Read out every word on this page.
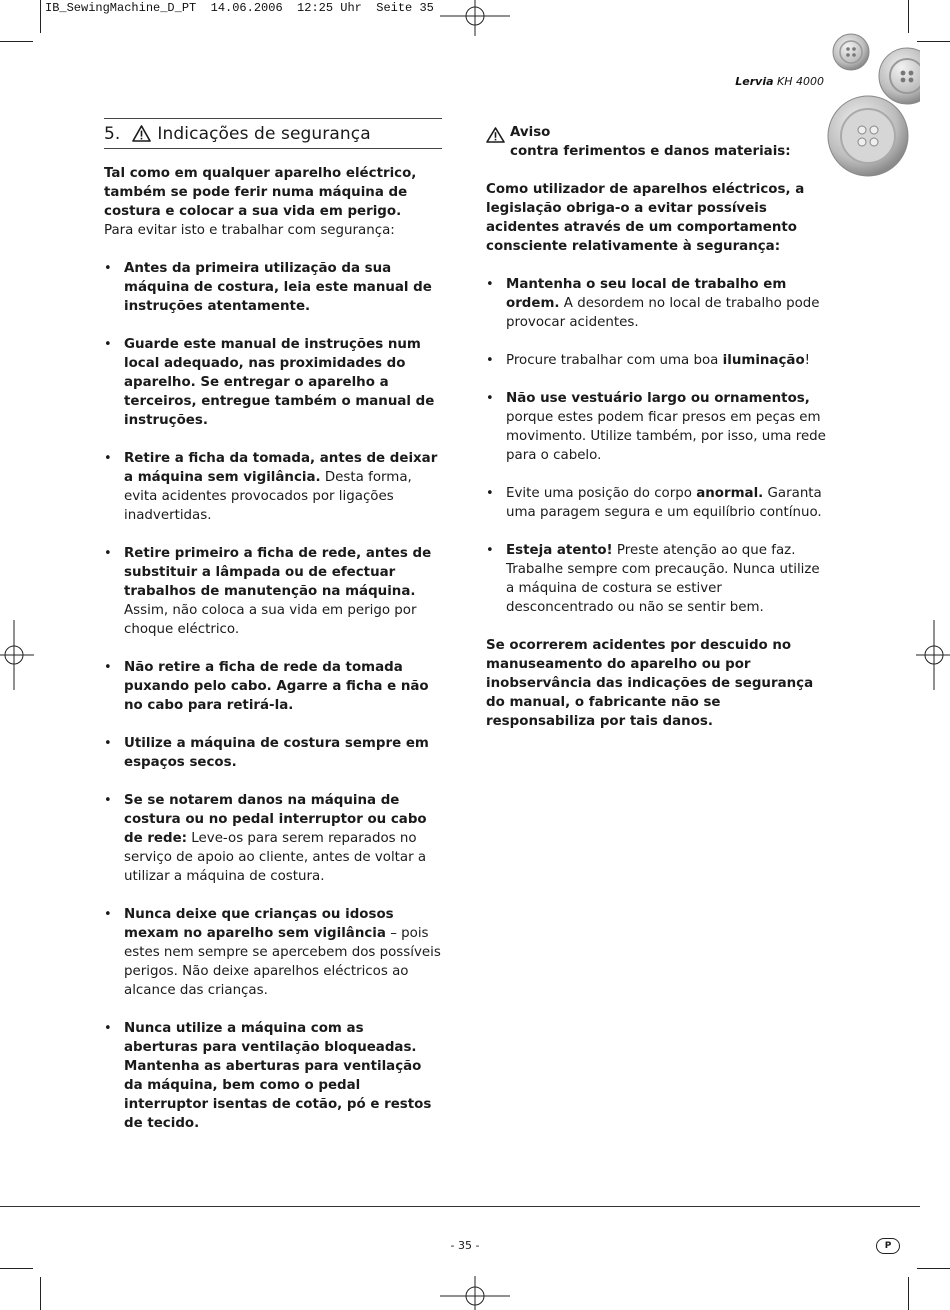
IB_SewingMachine_D_PT  14.06.2006  12:25 Uhr  Seite 35
Lervia KH 4000
5. Indicações de segurança

Tal como em qualquer aparelho eléctrico, também se pode ferir numa máquina de costura e colocar a sua vida em perigo.
Para evitar isto e trabalhar com segurança:

• Antes da primeira utilização da sua máquina de costura, leia este manual de instruções atentamente.
• Guarde este manual de instruções num local adequado, nas proximidades do aparelho. Se entregar o aparelho a terceiros, entregue também o manual de instruções.
• Retire a ficha da tomada, antes de deixar a máquina sem vigilância. Desta forma, evita acidentes provocados por ligações inadvertidas.
• Retire primeiro a ficha de rede, antes de substituir a lâmpada ou de efectuar trabalhos de manutenção na máquina. Assim, não coloca a sua vida em perigo por choque eléctrico.
• Não retire a ficha de rede da tomada puxando pelo cabo. Agarre a ficha e não no cabo para retirá-la.
• Utilize a máquina de costura sempre em espaços secos.
• Se se notarem danos na máquina de costura ou no pedal interruptor ou cabo de rede: Leve-os para serem reparados no serviço de apoio ao cliente, antes de voltar a utilizar a máquina de costura.
• Nunca deixe que crianças ou idosos mexam no aparelho sem vigilância – pois estes nem sempre se apercebem dos possíveis perigos. Não deixe aparelhos eléctricos ao alcance das crianças.
• Nunca utilize a máquina com as aberturas para ventilação bloqueadas. Mantenha as aberturas para ventilação da máquina, bem como o pedal interruptor isentas de cotão, pó e restos de tecido.
Aviso
contra ferimentos e danos materiais:

Como utilizador de aparelhos eléctricos, a legislação obriga-o a evitar possíveis acidentes através de um comportamento consciente relativamente à segurança:

• Mantenha o seu local de trabalho em ordem. A desordem no local de trabalho pode provocar acidentes.
• Procure trabalhar com uma boa iluminação!
• Não use vestuário largo ou ornamentos, porque estes podem ficar presos em peças em movimento. Utilize também, por isso, uma rede para o cabelo.
• Evite uma posição do corpo anormal. Garanta uma paragem segura e um equilíbrio contínuo.
• Esteja atento! Preste atenção ao que faz. Trabalhe sempre com precaução. Nunca utilize a máquina de costura se estiver desconcentrado ou não se sentir bem.

Se ocorrerem acidentes por descuido no manuseamento do aparelho ou por inobservância das indicações de segurança do manual, o fabricante não se responsabiliza por tais danos.

- 35 -	P
